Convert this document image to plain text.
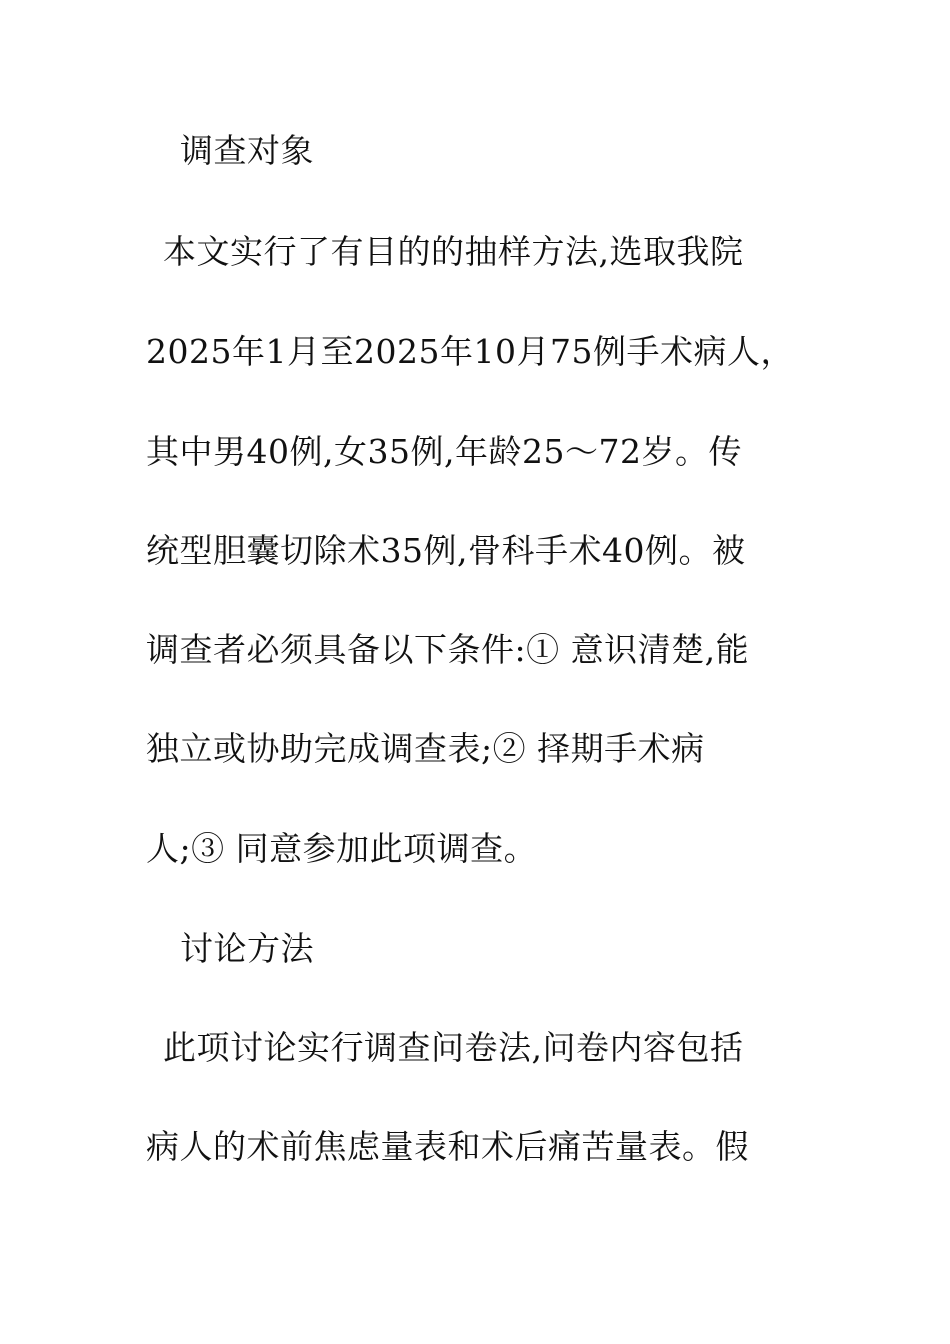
调查对象
本文实行了有目的的抽样方法,选取我院
2025年1月至2025年10月75例手术病人，
其中男40例,女35例,年龄25～72岁。传
统型胆囊切除术35例,骨科手术40例。被
调查者必须具备以下条件:① 意识清楚,能
独立或协助完成调查表;② 择期手术病
人;③ 同意参加此项调查。
讨论方法
此项讨论实行调查问卷法,问卷内容包括
病人的术前焦虑量表和术后痛苦量表。假
